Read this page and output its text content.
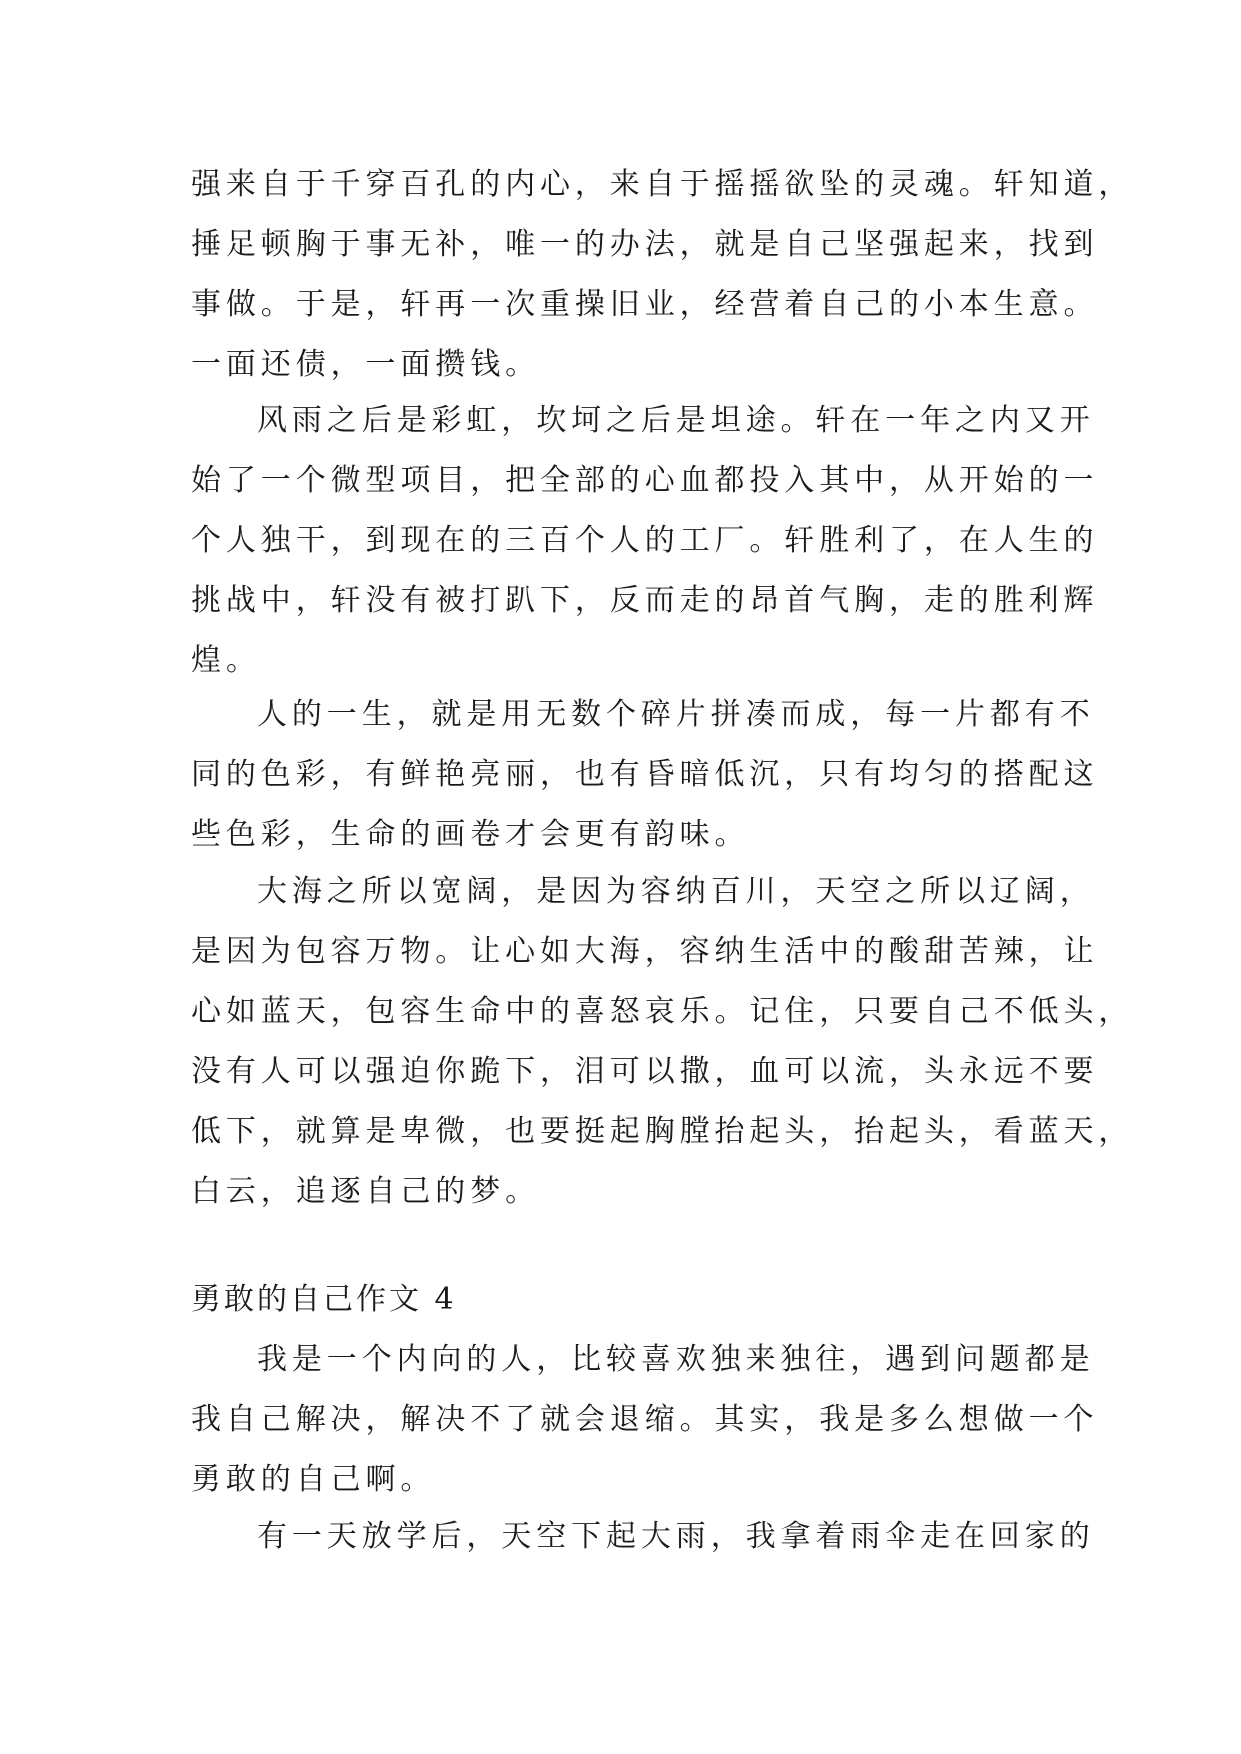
强来自于千穿百孔的内心，来自于摇摇欲坠的灵魂。轩知道，
捶足顿胸于事无补，唯一的办法，就是自己坚强起来，找到
事做。于是，轩再一次重操旧业，经营着自己的小本生意。
一面还债，一面攒钱。
风雨之后是彩虹，坎坷之后是坦途。轩在一年之内又开
始了一个微型项目，把全部的心血都投入其中，从开始的一
个人独干，到现在的三百个人的工厂。轩胜利了，在人生的
挑战中，轩没有被打趴下，反而走的昂首气胸，走的胜利辉
煌。
人的一生，就是用无数个碎片拼凑而成，每一片都有不
同的色彩，有鲜艳亮丽，也有昏暗低沉，只有均匀的搭配这
些色彩，生命的画卷才会更有韵味。
大海之所以宽阔，是因为容纳百川，天空之所以辽阔，
是因为包容万物。让心如大海，容纳生活中的酸甜苦辣，让
心如蓝天，包容生命中的喜怒哀乐。记住，只要自己不低头，
没有人可以强迫你跪下，泪可以撒，血可以流，头永远不要
低下，就算是卑微，也要挺起胸膛抬起头，抬起头，看蓝天，
白云，追逐自己的梦。
勇敢的自己作文 4
我是一个内向的人，比较喜欢独来独往，遇到问题都是
我自己解决，解决不了就会退缩。其实，我是多么想做一个
勇敢的自己啊。
有一天放学后，天空下起大雨，我拿着雨伞走在回家的
